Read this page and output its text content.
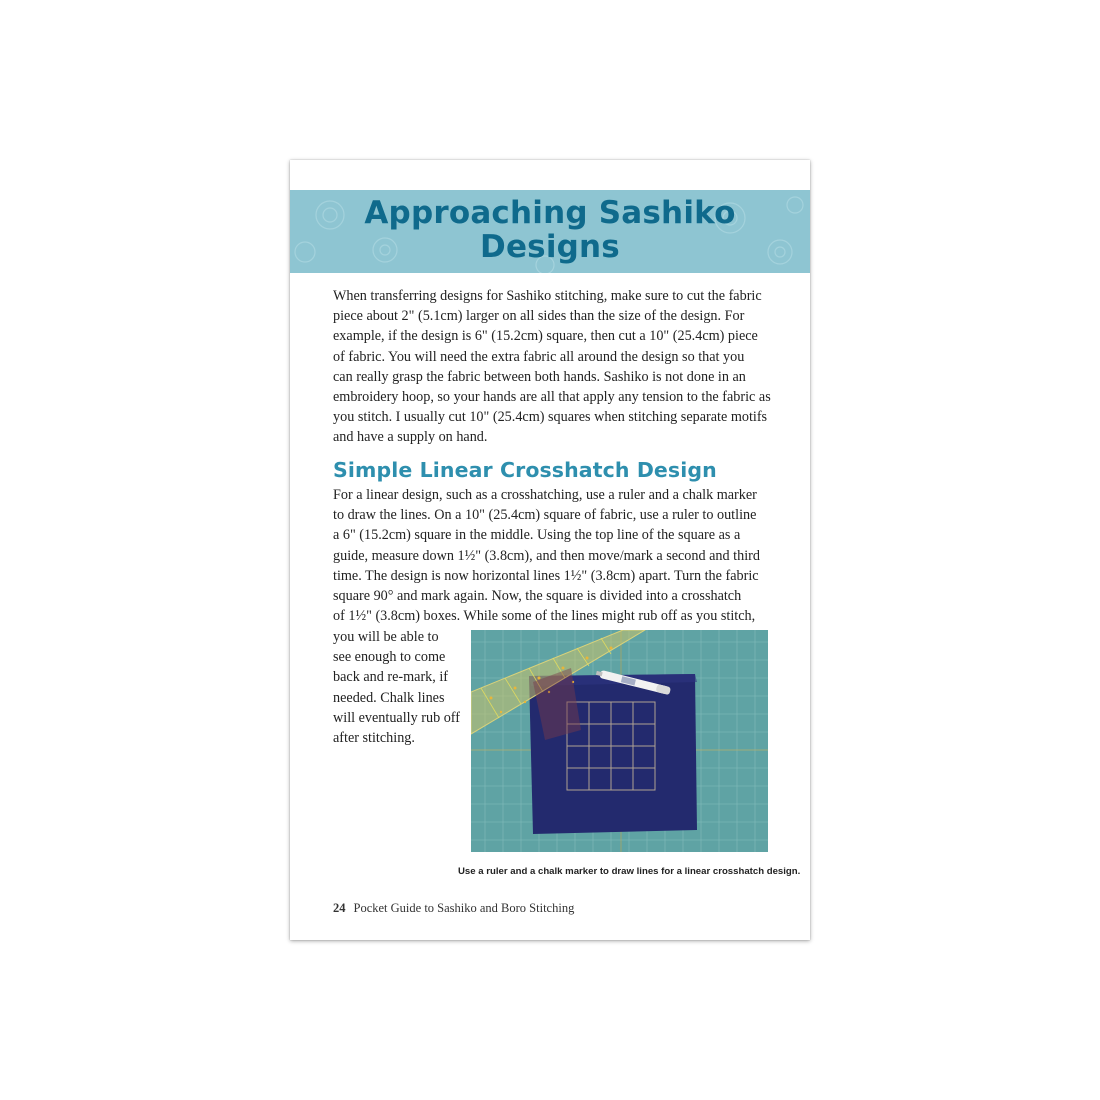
Approaching Sashiko
Designs
When transferring designs for Sashiko stitching, make sure to cut the fabric
piece about 2" (5.1cm) larger on all sides than the size of the design. For
example, if the design is 6" (15.2cm) square, then cut a 10" (25.4cm) piece
of fabric. You will need the extra fabric all around the design so that you
can really grasp the fabric between both hands. Sashiko is not done in an
embroidery hoop, so your hands are all that apply any tension to the fabric as
you stitch. I usually cut 10" (25.4cm) squares when stitching separate motifs
and have a supply on hand.
Simple Linear Crosshatch Design
For a linear design, such as a crosshatching, use a ruler and a chalk marker
to draw the lines. On a 10" (25.4cm) square of fabric, use a ruler to outline
a 6" (15.2cm) square in the middle. Using the top line of the square as a
guide, measure down 1½" (3.8cm), and then move/mark a second and third
time. The design is now horizontal lines 1½" (3.8cm) apart. Turn the fabric
square 90° and mark again. Now, the square is divided into a crosshatch
of 1½" (3.8cm) boxes. While some of the lines might rub off as you stitch,
you will be able to
see enough to come
back and re-mark, if
needed. Chalk lines
will eventually rub off
after stitching.
Use a ruler and a chalk marker to draw lines for a linear crosshatch design.
24 Pocket Guide to Sashiko and Boro Stitching
